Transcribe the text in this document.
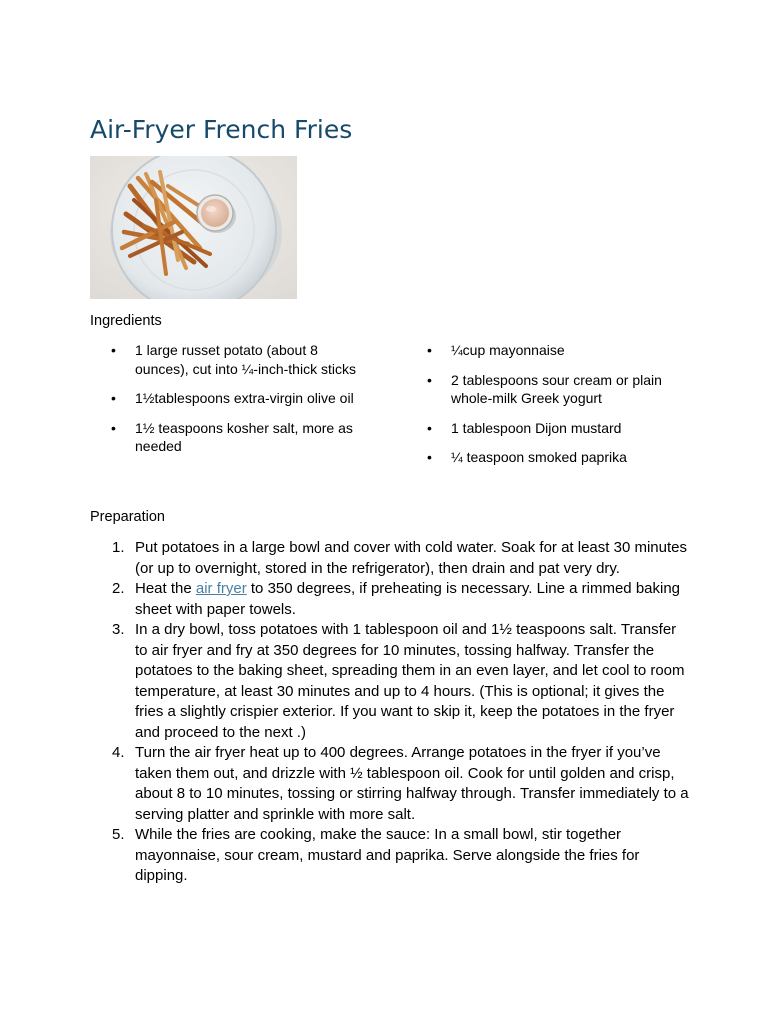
Air-Fryer French Fries
Ingredients
• 1 large russet potato (about 8 ounces), cut into ¼-inch-thick sticks
• 1½tablespoons extra-virgin olive oil
• 1½ teaspoons kosher salt, more as needed
• ¼cup mayonnaise
• 2 tablespoons sour cream or plain whole-milk Greek yogurt
• 1 tablespoon Dijon mustard
• ¼ teaspoon smoked paprika
Preparation
1. Put potatoes in a large bowl and cover with cold water. Soak for at least 30 minutes (or up to overnight, stored in the refrigerator), then drain and pat very dry.
2. Heat the air fryer to 350 degrees, if preheating is necessary. Line a rimmed baking sheet with paper towels.
3. In a dry bowl, toss potatoes with 1 tablespoon oil and 1½ teaspoons salt. Transfer to air fryer and fry at 350 degrees for 10 minutes, tossing halfway. Transfer the potatoes to the baking sheet, spreading them in an even layer, and let cool to room temperature, at least 30 minutes and up to 4 hours. (This is optional; it gives the fries a slightly crispier exterior. If you want to skip it, keep the potatoes in the fryer and proceed to the next .)
4. Turn the air fryer heat up to 400 degrees. Arrange potatoes in the fryer if you’ve taken them out, and drizzle with ½ tablespoon oil. Cook for until golden and crisp, about 8 to 10 minutes, tossing or stirring halfway through. Transfer immediately to a serving platter and sprinkle with more salt.
5. While the fries are cooking, make the sauce: In a small bowl, stir together mayonnaise, sour cream, mustard and paprika. Serve alongside the fries for dipping.
